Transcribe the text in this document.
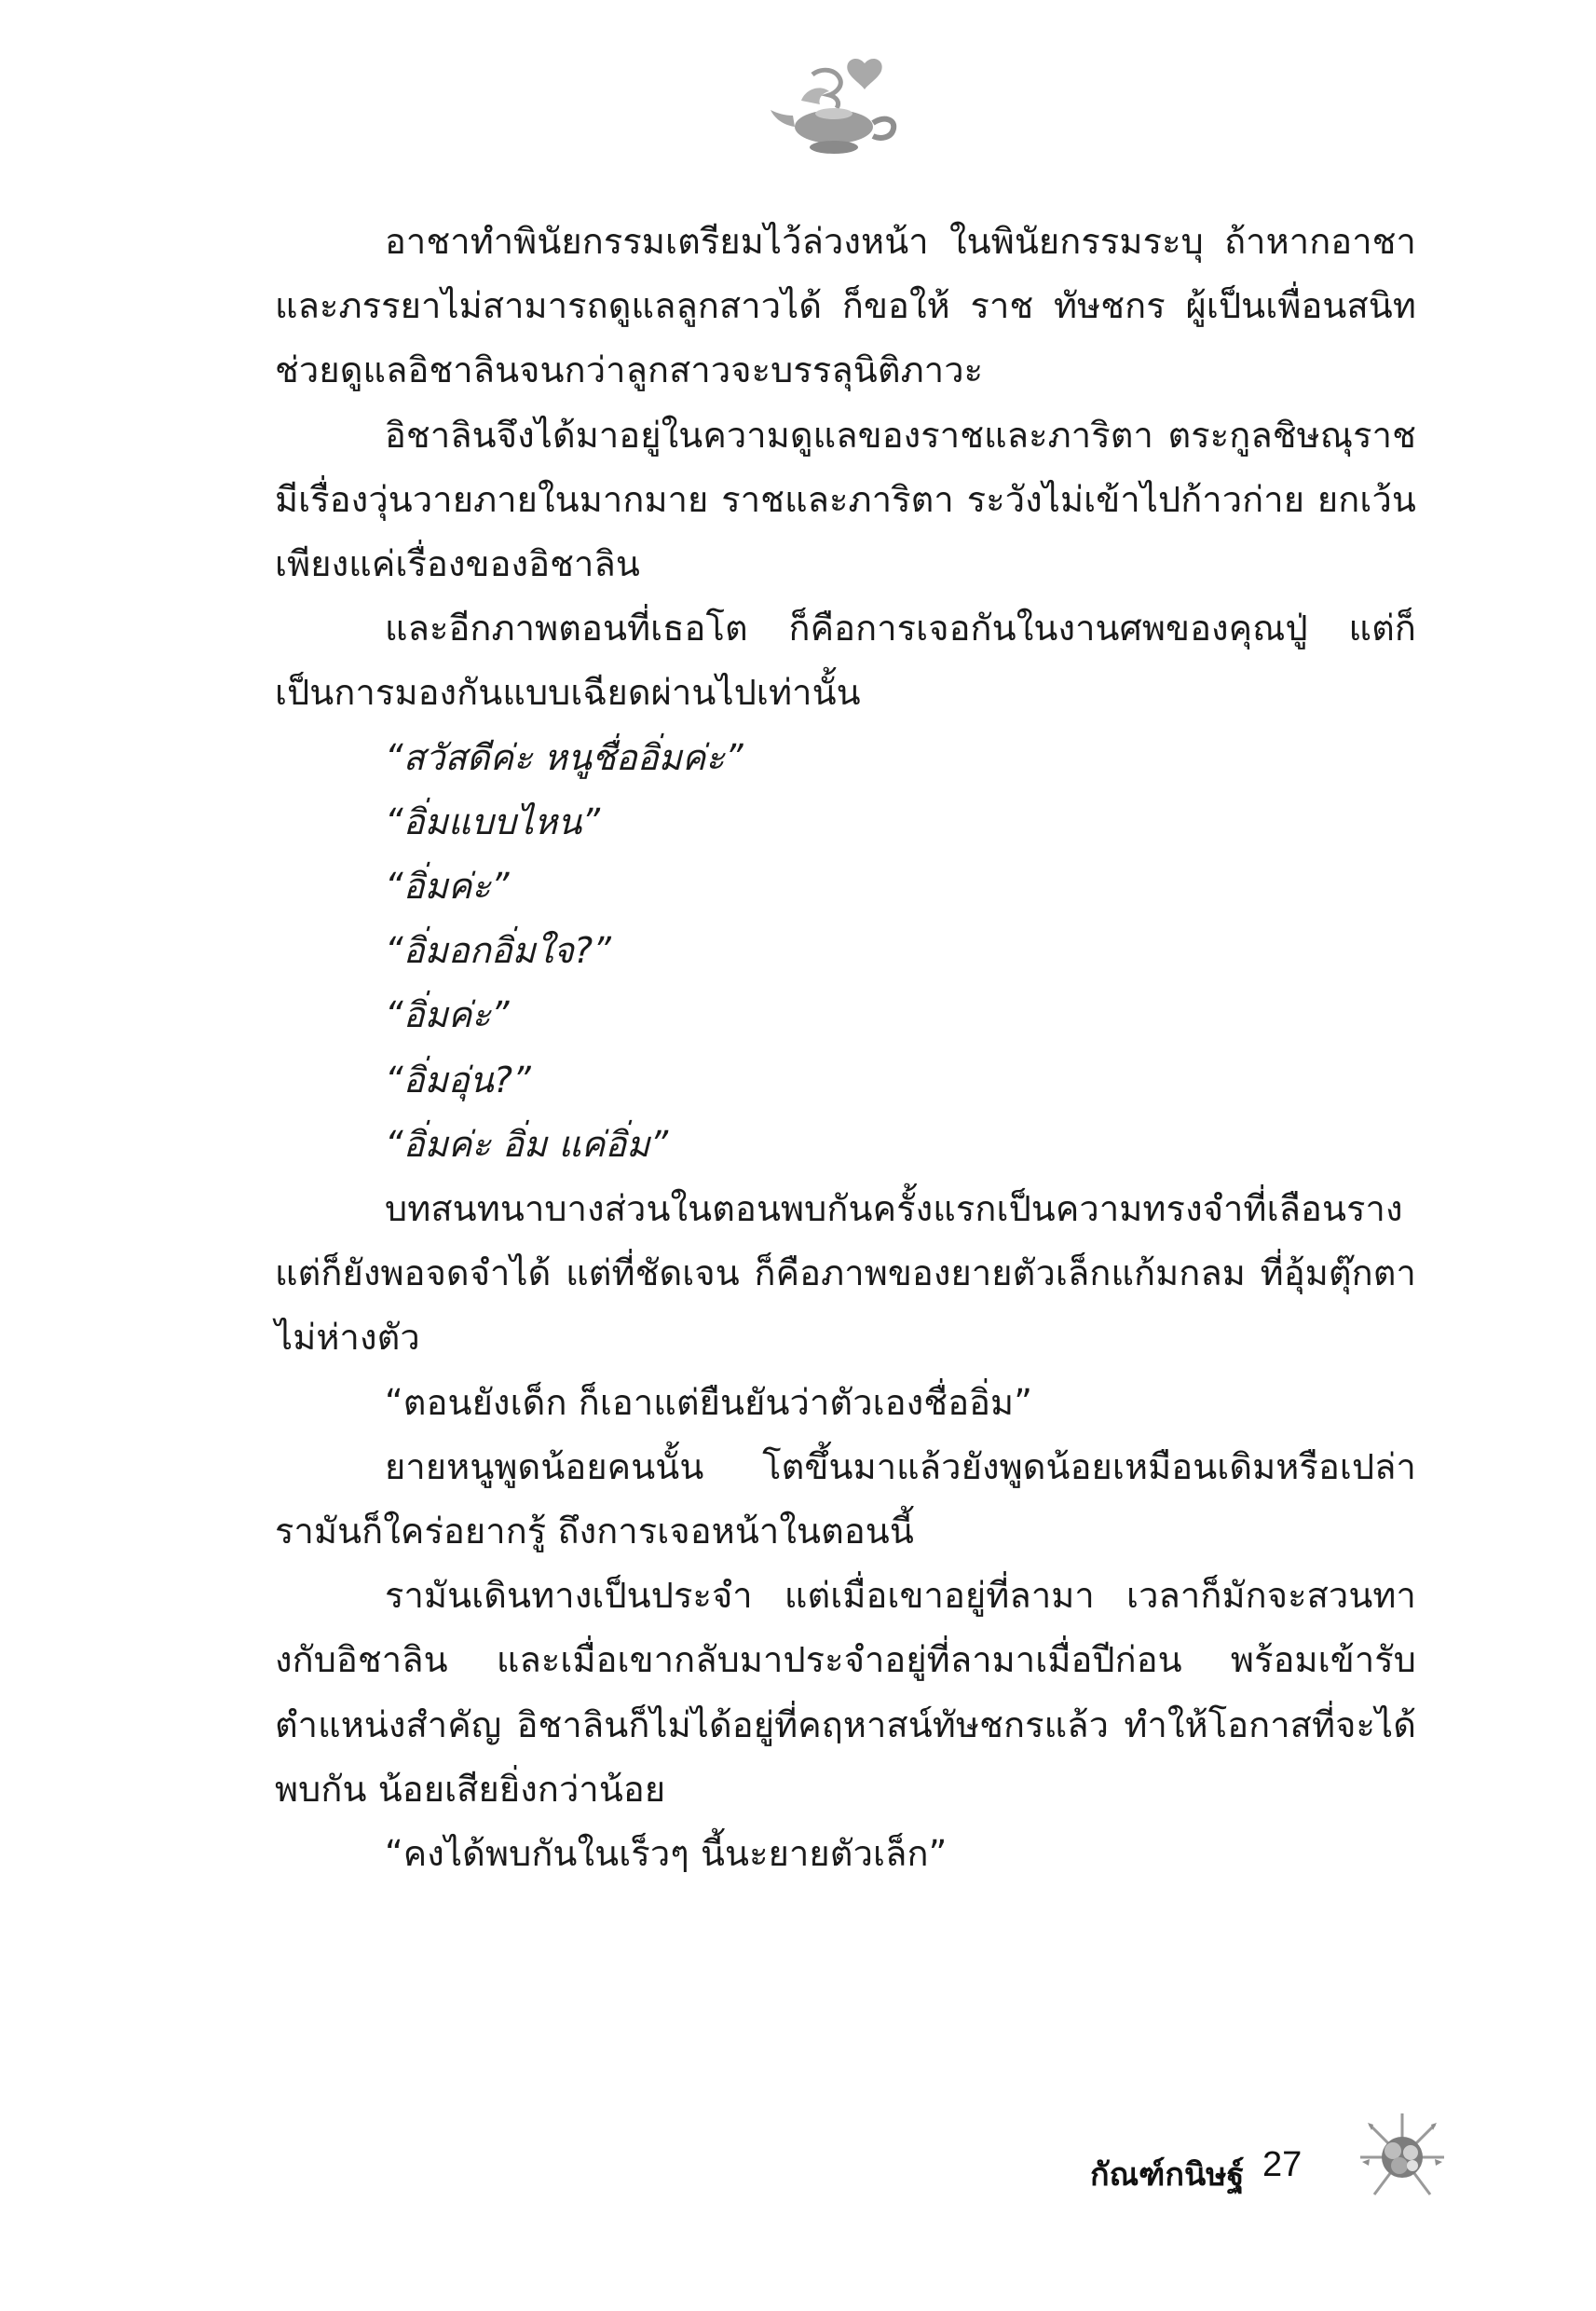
อาชาทำพินัยกรรมเตรียมไว้ล่วงหน้า ในพินัยกรรมระบุ ถ้าหากอาชาและภรรยาไม่สามารถดูแลลูกสาวได้ ก็ขอให้ ราช ทัษชกร ผู้เป็นเพื่อนสนิท ช่วยดูแลอิชาลินจนกว่าลูกสาวจะบรรลุนิติภาวะ

อิชาลินจึงได้มาอยู่ในความดูแลของราชและภาริตา ตระกูลชิษณุราช มีเรื่องวุ่นวายภายในมากมาย ราชและภาริตา ระวังไม่เข้าไปก้าวก่าย ยกเว้นเพียงแค่เรื่องของอิชาลิน

และอีกภาพตอนที่เธอโต ก็คือการเจอกันในงานศพของคุณปู่ แต่ก็เป็นการมองกันแบบเฉียดผ่านไปเท่านั้น

“สวัสดีค่ะ หนูชื่ออิ่มค่ะ”

“อิ่มแบบไหน”

“อิ่มค่ะ”

“อิ่มอกอิ่มใจ?”

“อิ่มค่ะ”

“อิ่มอุ่น?”

“อิ่มค่ะ อิ่ม แค่อิ่ม”

บทสนทนาบางส่วนในตอนพบกันครั้งแรกเป็นความทรงจำที่เลือนราง แต่ก็ยังพอจดจำได้ แต่ที่ชัดเจน ก็คือภาพของยายตัวเล็กแก้มกลม ที่อุ้มตุ๊กตาไม่ห่างตัว

“ตอนยังเด็ก ก็เอาแต่ยืนยันว่าตัวเองชื่ออิ่ม”

ยายหนูพูดน้อยคนนั้น โตขึ้นมาแล้วยังพูดน้อยเหมือนเดิมหรือเปล่า รามันก็ใคร่อยากรู้ ถึงการเจอหน้าในตอนนี้

รามันเดินทางเป็นประจำ แต่เมื่อเขาอยู่ที่ลามา เวลาก็มักจะสวนทางกับอิชาลิน และเมื่อเขากลับมาประจำอยู่ที่ลามาเมื่อปีก่อน พร้อมเข้ารับตำแหน่งสำคัญ อิชาลินก็ไม่ได้อยู่ที่คฤหาสน์ทัษชกรแล้ว ทำให้โอกาสที่จะได้พบกัน น้อยเสียยิ่งกว่าน้อย

“คงได้พบกันในเร็วๆ นี้นะยายตัวเล็ก”

กัณฑ์กนิษฐ์ 27
